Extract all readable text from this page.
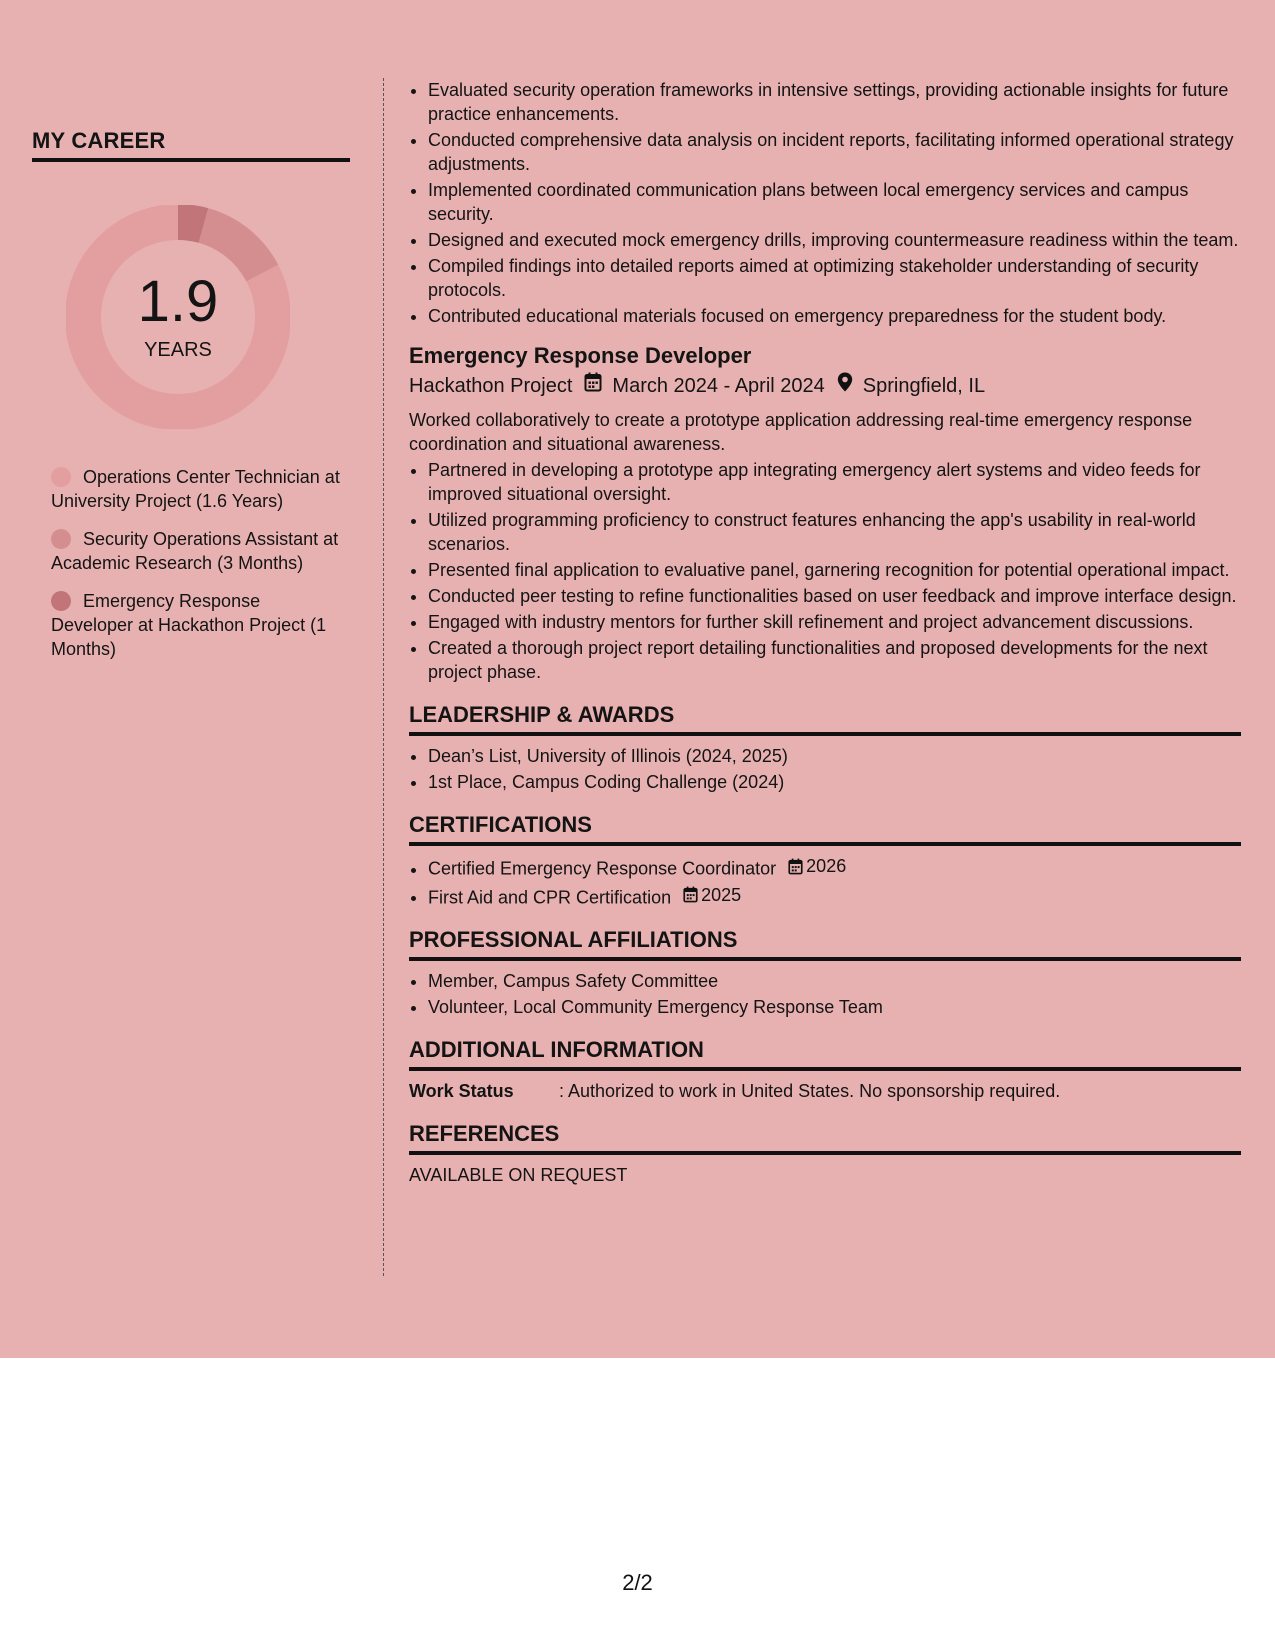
MY CAREER
1.9
YEARS
Operations Center Technician at University Project (1.6 Years)
Security Operations Assistant at Academic Research (3 Months)
Emergency Response Developer at Hackathon Project (1 Months)
• Evaluated security operation frameworks in intensive settings, providing actionable insights for future practice enhancements.
• Conducted comprehensive data analysis on incident reports, facilitating informed operational strategy adjustments.
• Implemented coordinated communication plans between local emergency services and campus security.
• Designed and executed mock emergency drills, improving countermeasure readiness within the team.
• Compiled findings into detailed reports aimed at optimizing stakeholder understanding of security protocols.
• Contributed educational materials focused on emergency preparedness for the student body.
Emergency Response Developer
Hackathon Project March 2024 - April 2024 Springfield, IL
Worked collaboratively to create a prototype application addressing real-time emergency response coordination and situational awareness.
• Partnered in developing a prototype app integrating emergency alert systems and video feeds for improved situational oversight.
• Utilized programming proficiency to construct features enhancing the app's usability in real-world scenarios.
• Presented final application to evaluative panel, garnering recognition for potential operational impact.
• Conducted peer testing to refine functionalities based on user feedback and improve interface design.
• Engaged with industry mentors for further skill refinement and project advancement discussions.
• Created a thorough project report detailing functionalities and proposed developments for the next project phase.
LEADERSHIP & AWARDS
• Dean’s List, University of Illinois (2024, 2025)
• 1st Place, Campus Coding Challenge (2024)
CERTIFICATIONS
• Certified Emergency Response Coordinator 2026
• First Aid and CPR Certification 2025
PROFESSIONAL AFFILIATIONS
• Member, Campus Safety Committee
• Volunteer, Local Community Emergency Response Team
ADDITIONAL INFORMATION
Work Status	: Authorized to work in United States. No sponsorship required.
REFERENCES
AVAILABLE ON REQUEST
2/2
